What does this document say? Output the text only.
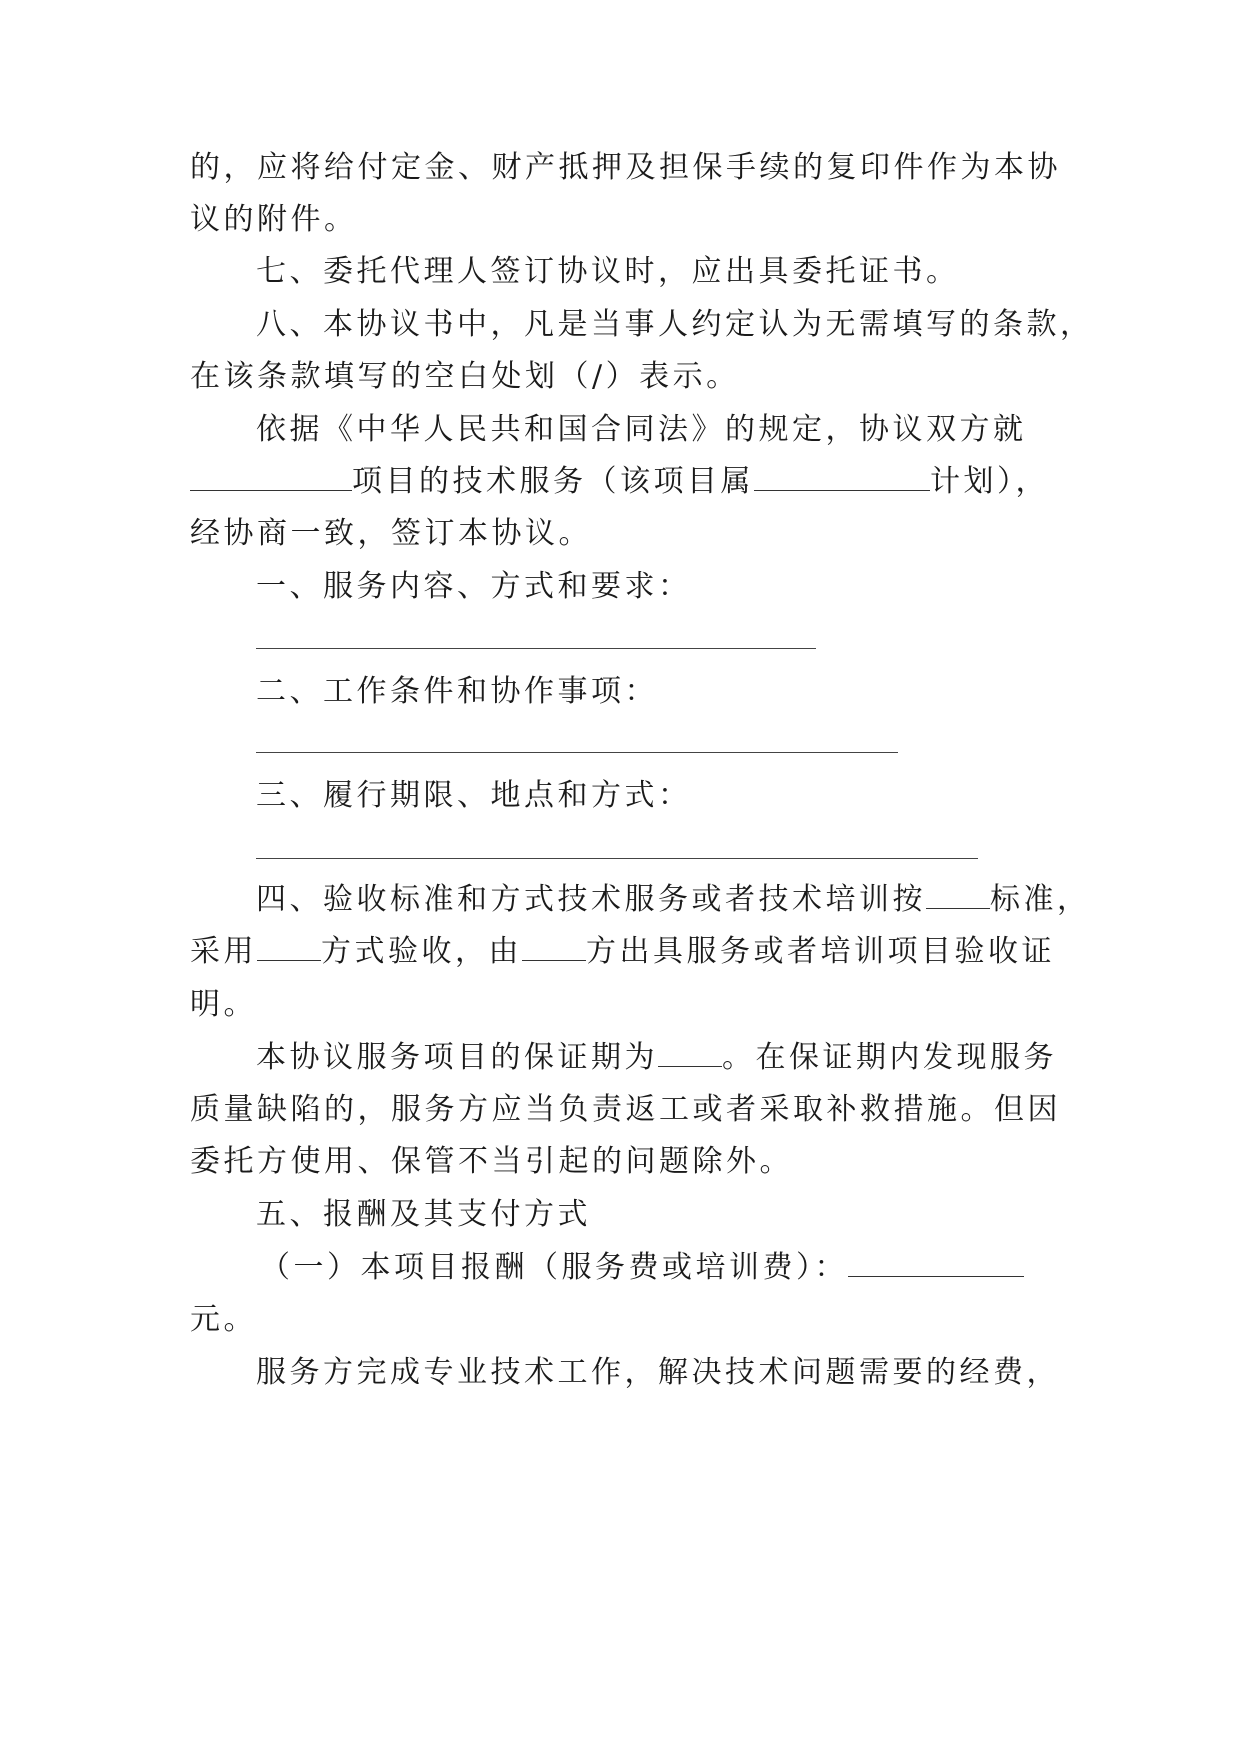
的，应将给付定金、财产抵押及担保手续的复印件作为本协
议的附件。
七、委托代理人签订协议时，应出具委托证书。
八、本协议书中，凡是当事人约定认为无需填写的条款，
在该条款填写的空白处划（/）表示。
依据《中华人民共和国合同法》的规定，协议双方就
项目的技术服务（该项目属	计划），
经协商一致，签订本协议。
一、服务内容、方式和要求：
二、工作条件和协作事项：
三、履行期限、地点和方式：
四、验收标准和方式技术服务或者技术培训按 标准，
采用 方式验收，由 方出具服务或者培训项目验收证
明。
本协议服务项目的保证期为 。在保证期内发现服务
质量缺陷的，服务方应当负责返工或者采取补救措施。但因
委托方使用、保管不当引起的问题除外。
五、报酬及其支付方式
（一）本项目报酬（服务费或培训费）：
元。
服务方完成专业技术工作，解决技术问题需要的经费，
